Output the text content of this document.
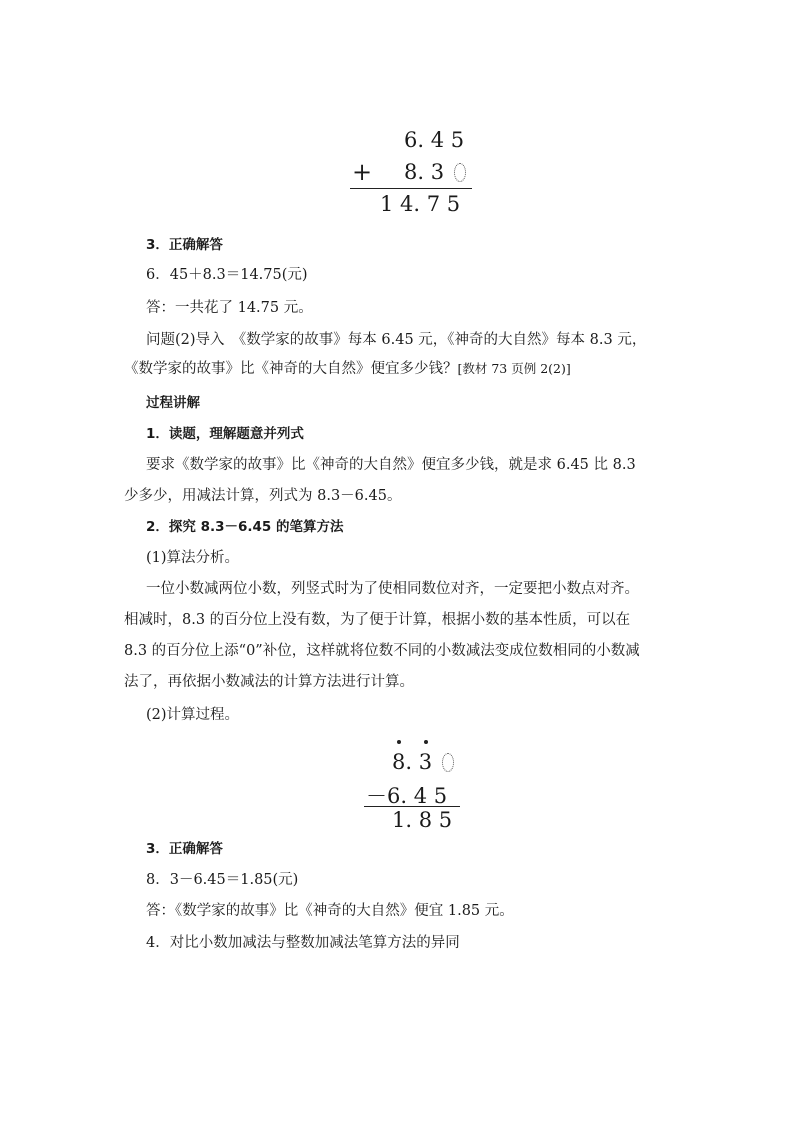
6. 4 5
+ 8. 3
1 4. 7 5
3．正确解答
6．45＋8.3＝14.75(元)
答：一共花了 14.75 元。
问题(2)导入　《数学家的故事》每本 6.45 元，《神奇的大自然》每本 8.3 元，
《数学家的故事》比《神奇的大自然》便宜多少钱？[教材 73 页例 2(2)]
过程讲解
1．读题，理解题意并列式
要求《数学家的故事》比《神奇的大自然》便宜多少钱，就是求 6.45 比 8.3
少多少，用减法计算，列式为 8.3－6.45。
2．探究 8.3－6.45 的笔算方法
(1)算法分析。
一位小数减两位小数，列竖式时为了使相同数位对齐，一定要把小数点对齐。
相减时，8.3 的百分位上没有数，为了便于计算，根据小数的基本性质，可以在
8.3 的百分位上添“0”补位，这样就将位数不同的小数减法变成位数相同的小数减
法了，再依据小数减法的计算方法进行计算。
(2)计算过程。
8. 3
－6. 4 5
1. 8 5
3．正确解答
8．3－6.45＝1.85(元)
答：《数学家的故事》比《神奇的大自然》便宜 1.85 元。
4．对比小数加减法与整数加减法笔算方法的异同
